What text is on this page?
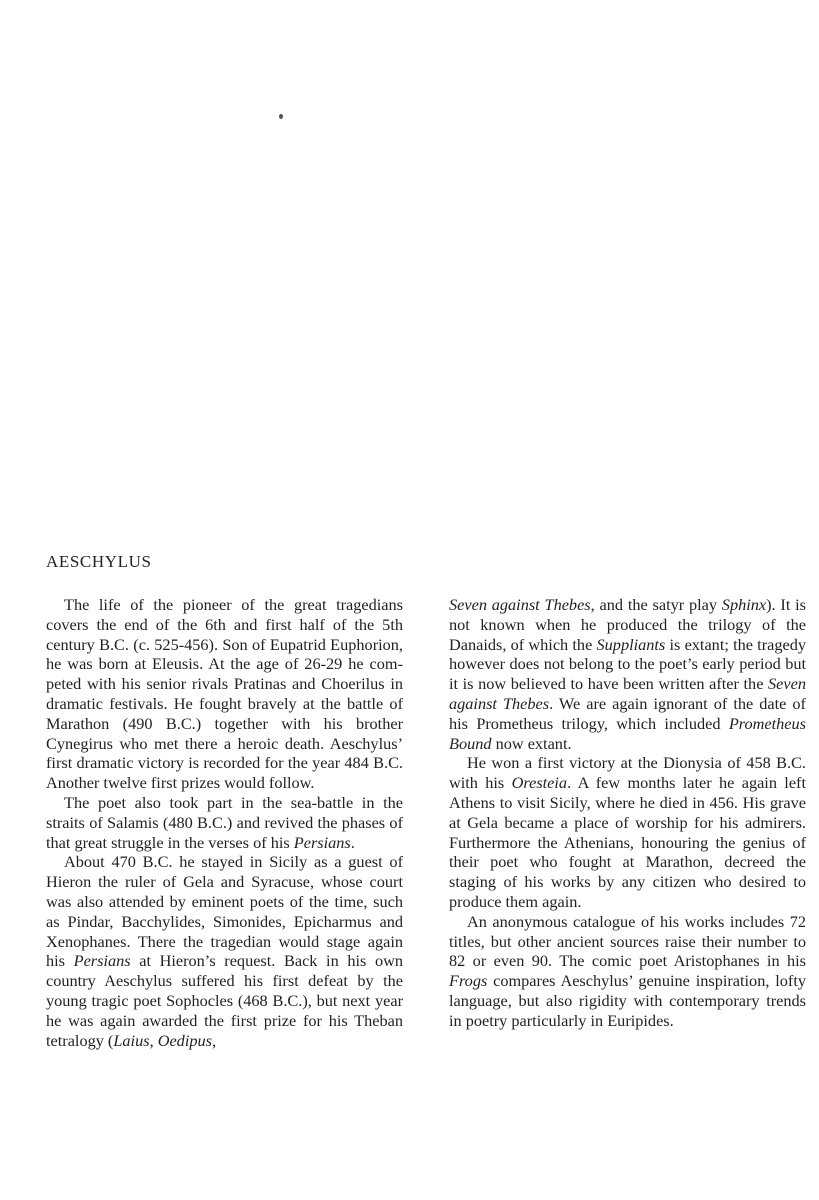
AESCHYLUS

The life of the pioneer of the great tragedians covers the end of the 6th and first half of the 5th century B.C. (c. 525-456). Son of Eupatrid Euphorion, he was born at Eleusis. At the age of 26-29 he competed with his senior rivals Pratinas and Choerilus in dramatic festivals. He fought bravely at the battle of Marathon (490 B.C.) together with his brother Cynegirus who met there a heroic death. Aeschylus’ first dramatic victory is recorded for the year 484 B.C. Another twelve first prizes would follow.

The poet also took part in the sea-battle in the straits of Salamis (480 B.C.) and revived the phases of that great struggle in the verses of his Persians.

About 470 B.C. he stayed in Sicily as a guest of Hieron the ruler of Gela and Syracuse, whose court was also attended by eminent poets of the time, such as Pindar, Bacchylides, Simonides, Epicharmus and Xenophanes. There the tragedian would stage again his Persians at Hieron’s request. Back in his own country Aeschylus suffered his first defeat by the young tragic poet Sophocles (468 B.C.), but next year he was again awarded the first prize for his Theban tetralogy (Laius, Oedipus,

Seven against Thebes, and the satyr play Sphinx). It is not known when he produced the trilogy of the Danaids, of which the Suppliants is extant; the tragedy however does not belong to the poet’s early period but it is now believed to have been written after the Seven against Thebes. We are again ignorant of the date of his Prometheus trilogy, which included Prometheus Bound now extant.

He won a first victory at the Dionysia of 458 B.C. with his Oresteia. A few months later he again left Athens to visit Sicily, where he died in 456. His grave at Gela became a place of worship for his admirers. Furthermore the Athenians, honouring the genius of their poet who fought at Marathon, decreed the staging of his works by any citizen who desired to produce them again.

An anonymous catalogue of his works includes 72 titles, but other ancient sources raise their number to 82 or even 90. The comic poet Aristophanes in his Frogs compares Aeschylus’ genuine inspiration, lofty language, but also rigidity with contemporary trends in poetry particularly in Euripides.
